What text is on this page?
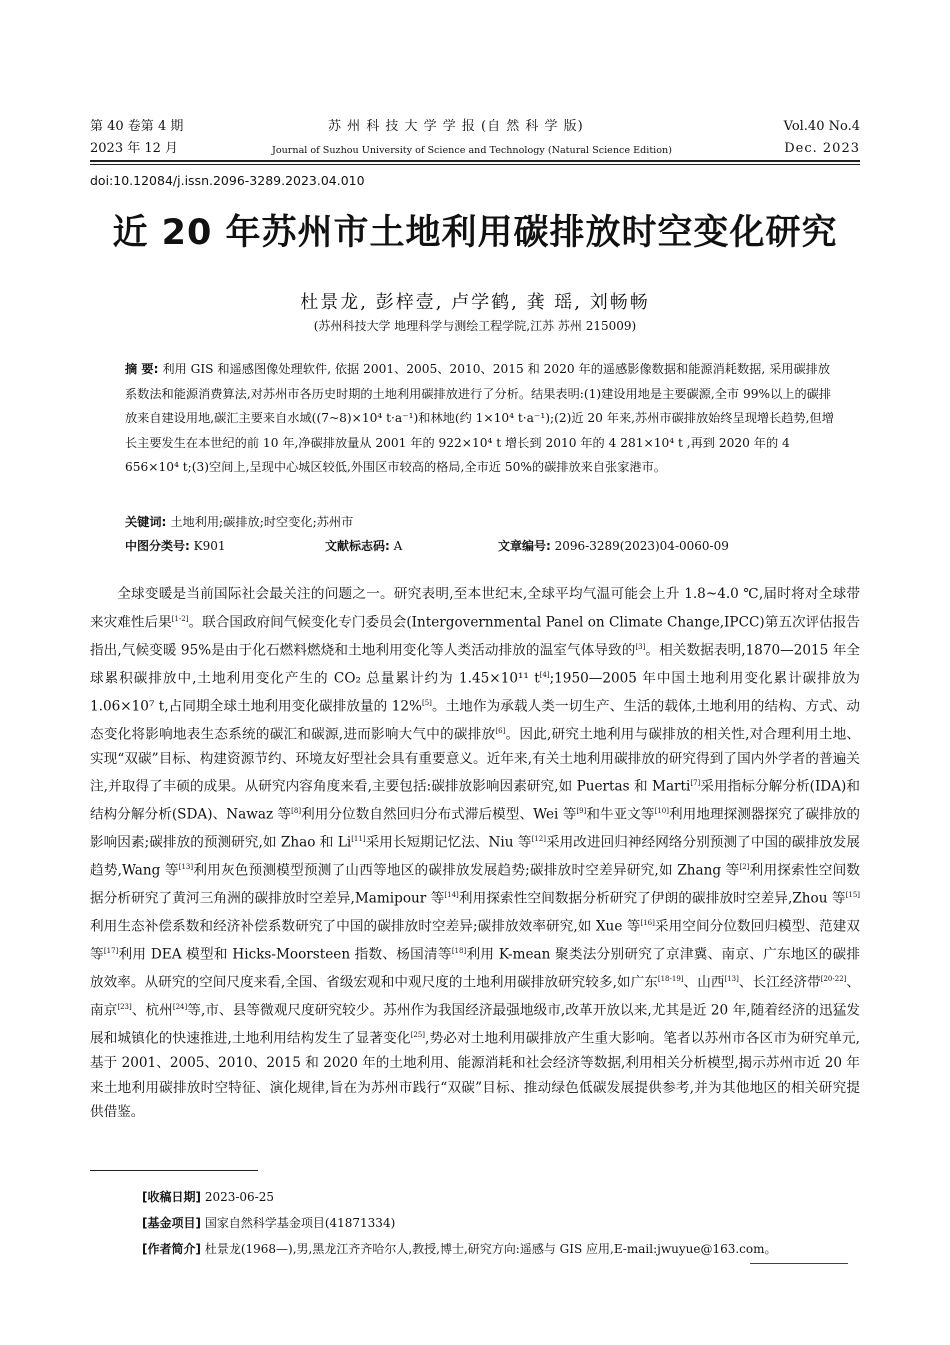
第 40 卷第 4 期	苏 州 科 技 大 学 学 报 (自 然 科 学 版)	Vol.40 No.4
2023 年 12 月	Journal of Suzhou University of Science and Technology (Natural Science Edition)	Dec. 2023
doi:10.12084/j.issn.2096-3289.2023.04.010
近 20 年苏州市土地利用碳排放时空变化研究
杜景龙, 彭梓壹, 卢学鹤, 龚 瑶, 刘畅畅
(苏州科技大学 地理科学与测绘工程学院,江苏 苏州 215009)
摘 要: 利用 GIS 和遥感图像处理软件, 依据 2001、2005、2010、2015 和 2020 年的遥感影像数据和能源消耗数据, 采用碳排放系数法和能源消费算法,对苏州市各历史时期的土地利用碳排放进行了分析。结果表明:(1)建设用地是主要碳源,全市 99%以上的碳排放来自建设用地,碳汇主要来自水域((7~8)×10⁴ t·a⁻¹)和林地(约 1×10⁴ t·a⁻¹);(2)近 20 年来,苏州市碳排放始终呈现增长趋势,但增长主要发生在本世纪的前 10 年,净碳排放量从 2001 年的 922×10⁴ t 增长到 2010 年的 4 281×10⁴ t ,再到 2020 年的 4 656×10⁴ t;(3)空间上,呈现中心城区较低,外围区市较高的格局,全市近 50%的碳排放来自张家港市。
关键词: 土地利用;碳排放;时空变化;苏州市
中图分类号: K901	文献标志码: A	文章编号: 2096-3289(2023)04-0060-09
全球变暖是当前国际社会最关注的问题之一。研究表明,至本世纪末,全球平均气温可能会上升 1.8~4.0 ℃,届时将对全球带来灾难性后果[1-2]。联合国政府间气候变化专门委员会(Intergovernmental Panel on Climate Change,IPCC)第五次评估报告指出,气候变暖 95%是由于化石燃料燃烧和土地利用变化等人类活动排放的温室气体导致的[3]。相关数据表明,1870—2015 年全球累积碳排放中,土地利用变化产生的 CO₂ 总量累计约为 1.45×10¹¹ t[4];1950—2005 年中国土地利用变化累计碳排放为 1.06×10⁷ t,占同期全球土地利用变化碳排放量的 12%[5]。土地作为承载人类一切生产、生活的载体,土地利用的结构、方式、动态变化将影响地表生态系统的碳汇和碳源,进而影响大气中的碳排放[6]。因此,研究土地利用与碳排放的相关性,对合理利用土地、实现“双碳”目标、构建资源节约、环境友好型社会具有重要意义。近年来,有关土地利用碳排放的研究得到了国内外学者的普遍关注,并取得了丰硕的成果。从研究内容角度来看,主要包括:碳排放影响因素研究,如 Puertas 和 Marti[7]采用指标分解分析(IDA)和结构分解分析(SDA)、Nawaz 等[8]利用分位数自然回归分布式滞后模型、Wei 等[9]和牛亚文等[10]利用地理探测器探究了碳排放的影响因素;碳排放的预测研究,如 Zhao 和 Li[11]采用长短期记忆法、Niu 等[12]采用改进回归神经网络分别预测了中国的碳排放发展趋势,Wang 等[13]利用灰色预测模型预测了山西等地区的碳排放发展趋势;碳排放时空差异研究,如 Zhang 等[2]利用探索性空间数据分析研究了黄河三角洲的碳排放时空差异,Mamipour 等[14]利用探索性空间数据分析研究了伊朗的碳排放时空差异,Zhou 等[15]利用生态补偿系数和经济补偿系数研究了中国的碳排放时空差异;碳排放效率研究,如 Xue 等[16]采用空间分位数回归模型、范建双等[17]利用 DEA 模型和 Hicks-Moorsteen 指数、杨国清等[18]利用 K-mean 聚类法分别研究了京津冀、南京、广东地区的碳排放效率。从研究的空间尺度来看,全国、省级宏观和中观尺度的土地利用碳排放研究较多,如广东[18-19]、山西[13]、长江经济带[20-22]、南京[23]、杭州[24]等,市、县等微观尺度研究较少。苏州作为我国经济最强地级市,改革开放以来,尤其是近 20 年,随着经济的迅猛发展和城镇化的快速推进,土地利用结构发生了显著变化[25],势必对土地利用碳排放产生重大影响。笔者以苏州市各区市为研究单元,基于 2001、2005、2010、2015 和 2020 年的土地利用、能源消耗和社会经济等数据,利用相关分析模型,揭示苏州市近 20 年来土地利用碳排放时空特征、演化规律,旨在为苏州市践行“双碳”目标、推动绿色低碳发展提供参考,并为其他地区的相关研究提供借鉴。
[收稿日期] 2023-06-25
[基金项目] 国家自然科学基金项目(41871334)
[作者简介] 杜景龙(1968—),男,黑龙江齐齐哈尔人,教授,博士,研究方向:遥感与 GIS 应用,E-mail:jwuyue@163.com。
